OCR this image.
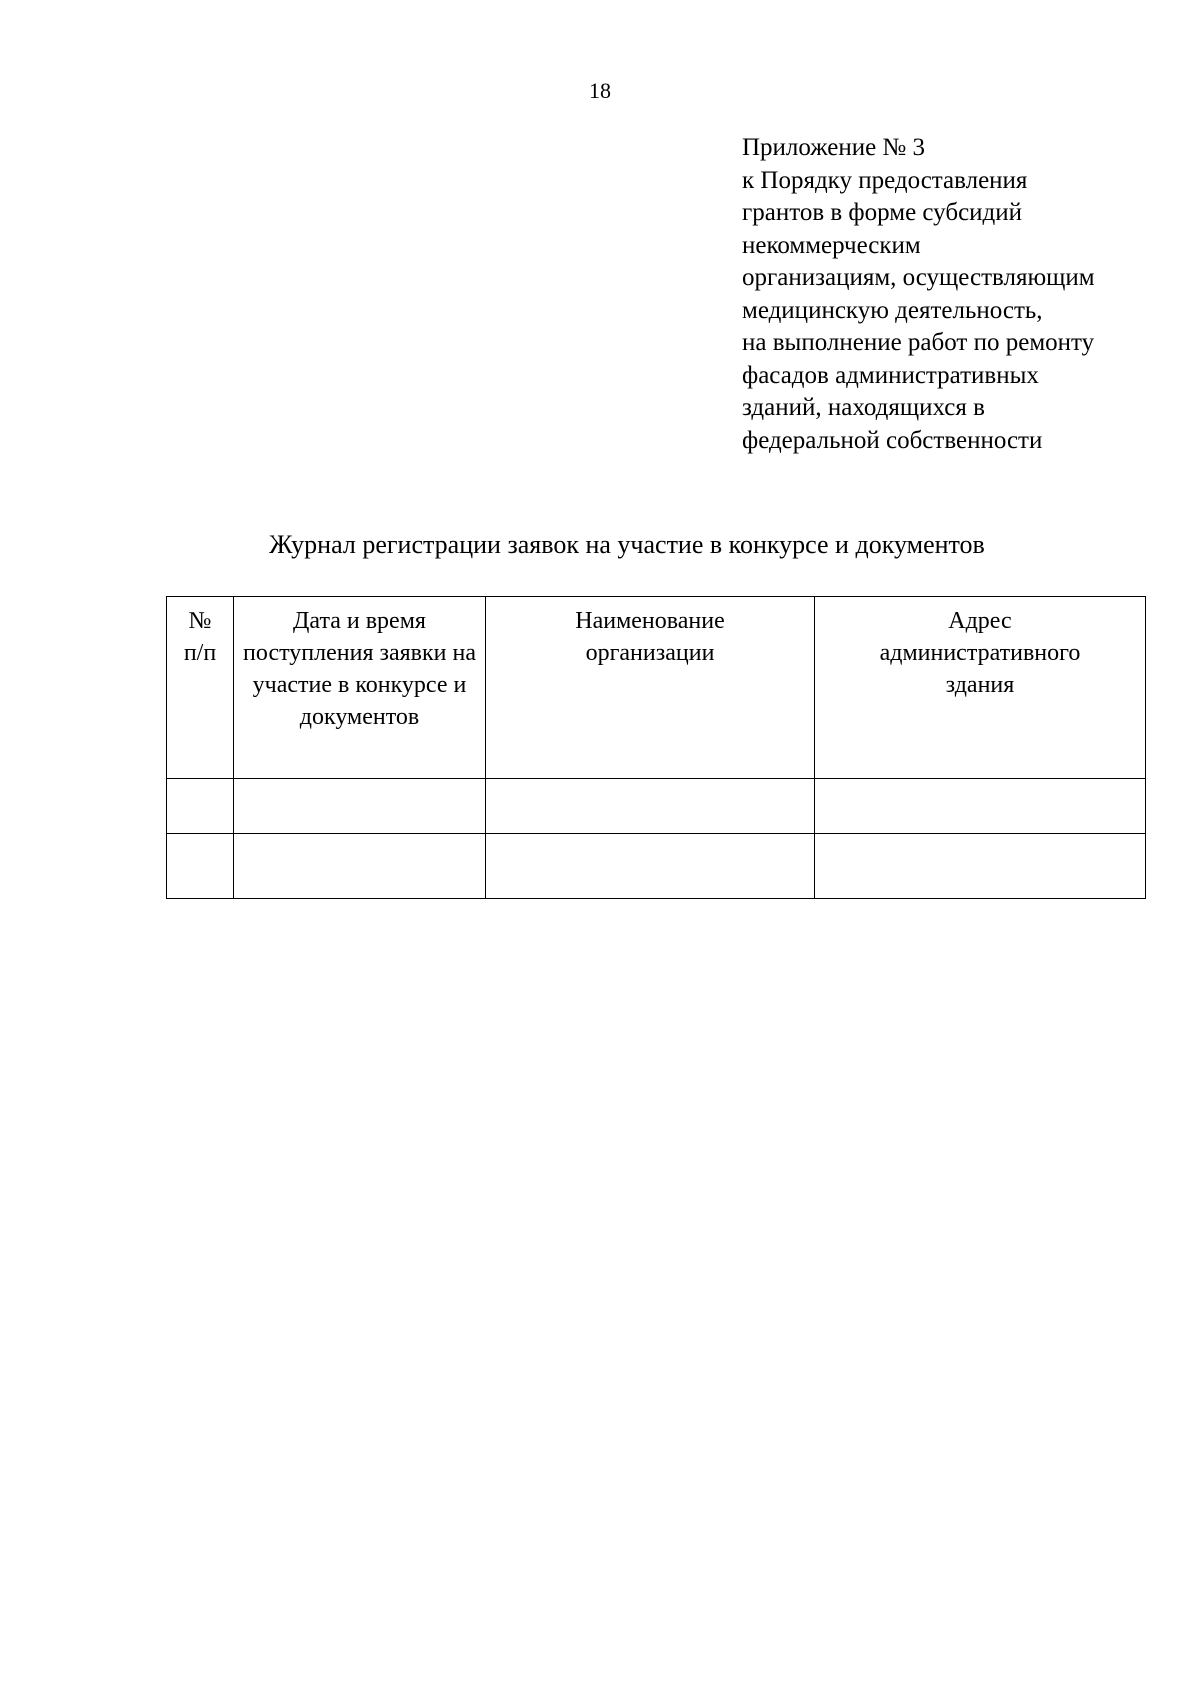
18
Приложение № 3
к Порядку предоставления
грантов в форме субсидий
некоммерческим
организациям, осуществляющим
медицинскую деятельность,
на выполнение работ по ремонту
фасадов административных
зданий, находящихся в
федеральной собственности
Журнал регистрации заявок на участие в конкурсе и документов
№ п/п	Дата и время поступления заявки на участие в конкурсе и документов	Наименование организации	Адрес административного здания
